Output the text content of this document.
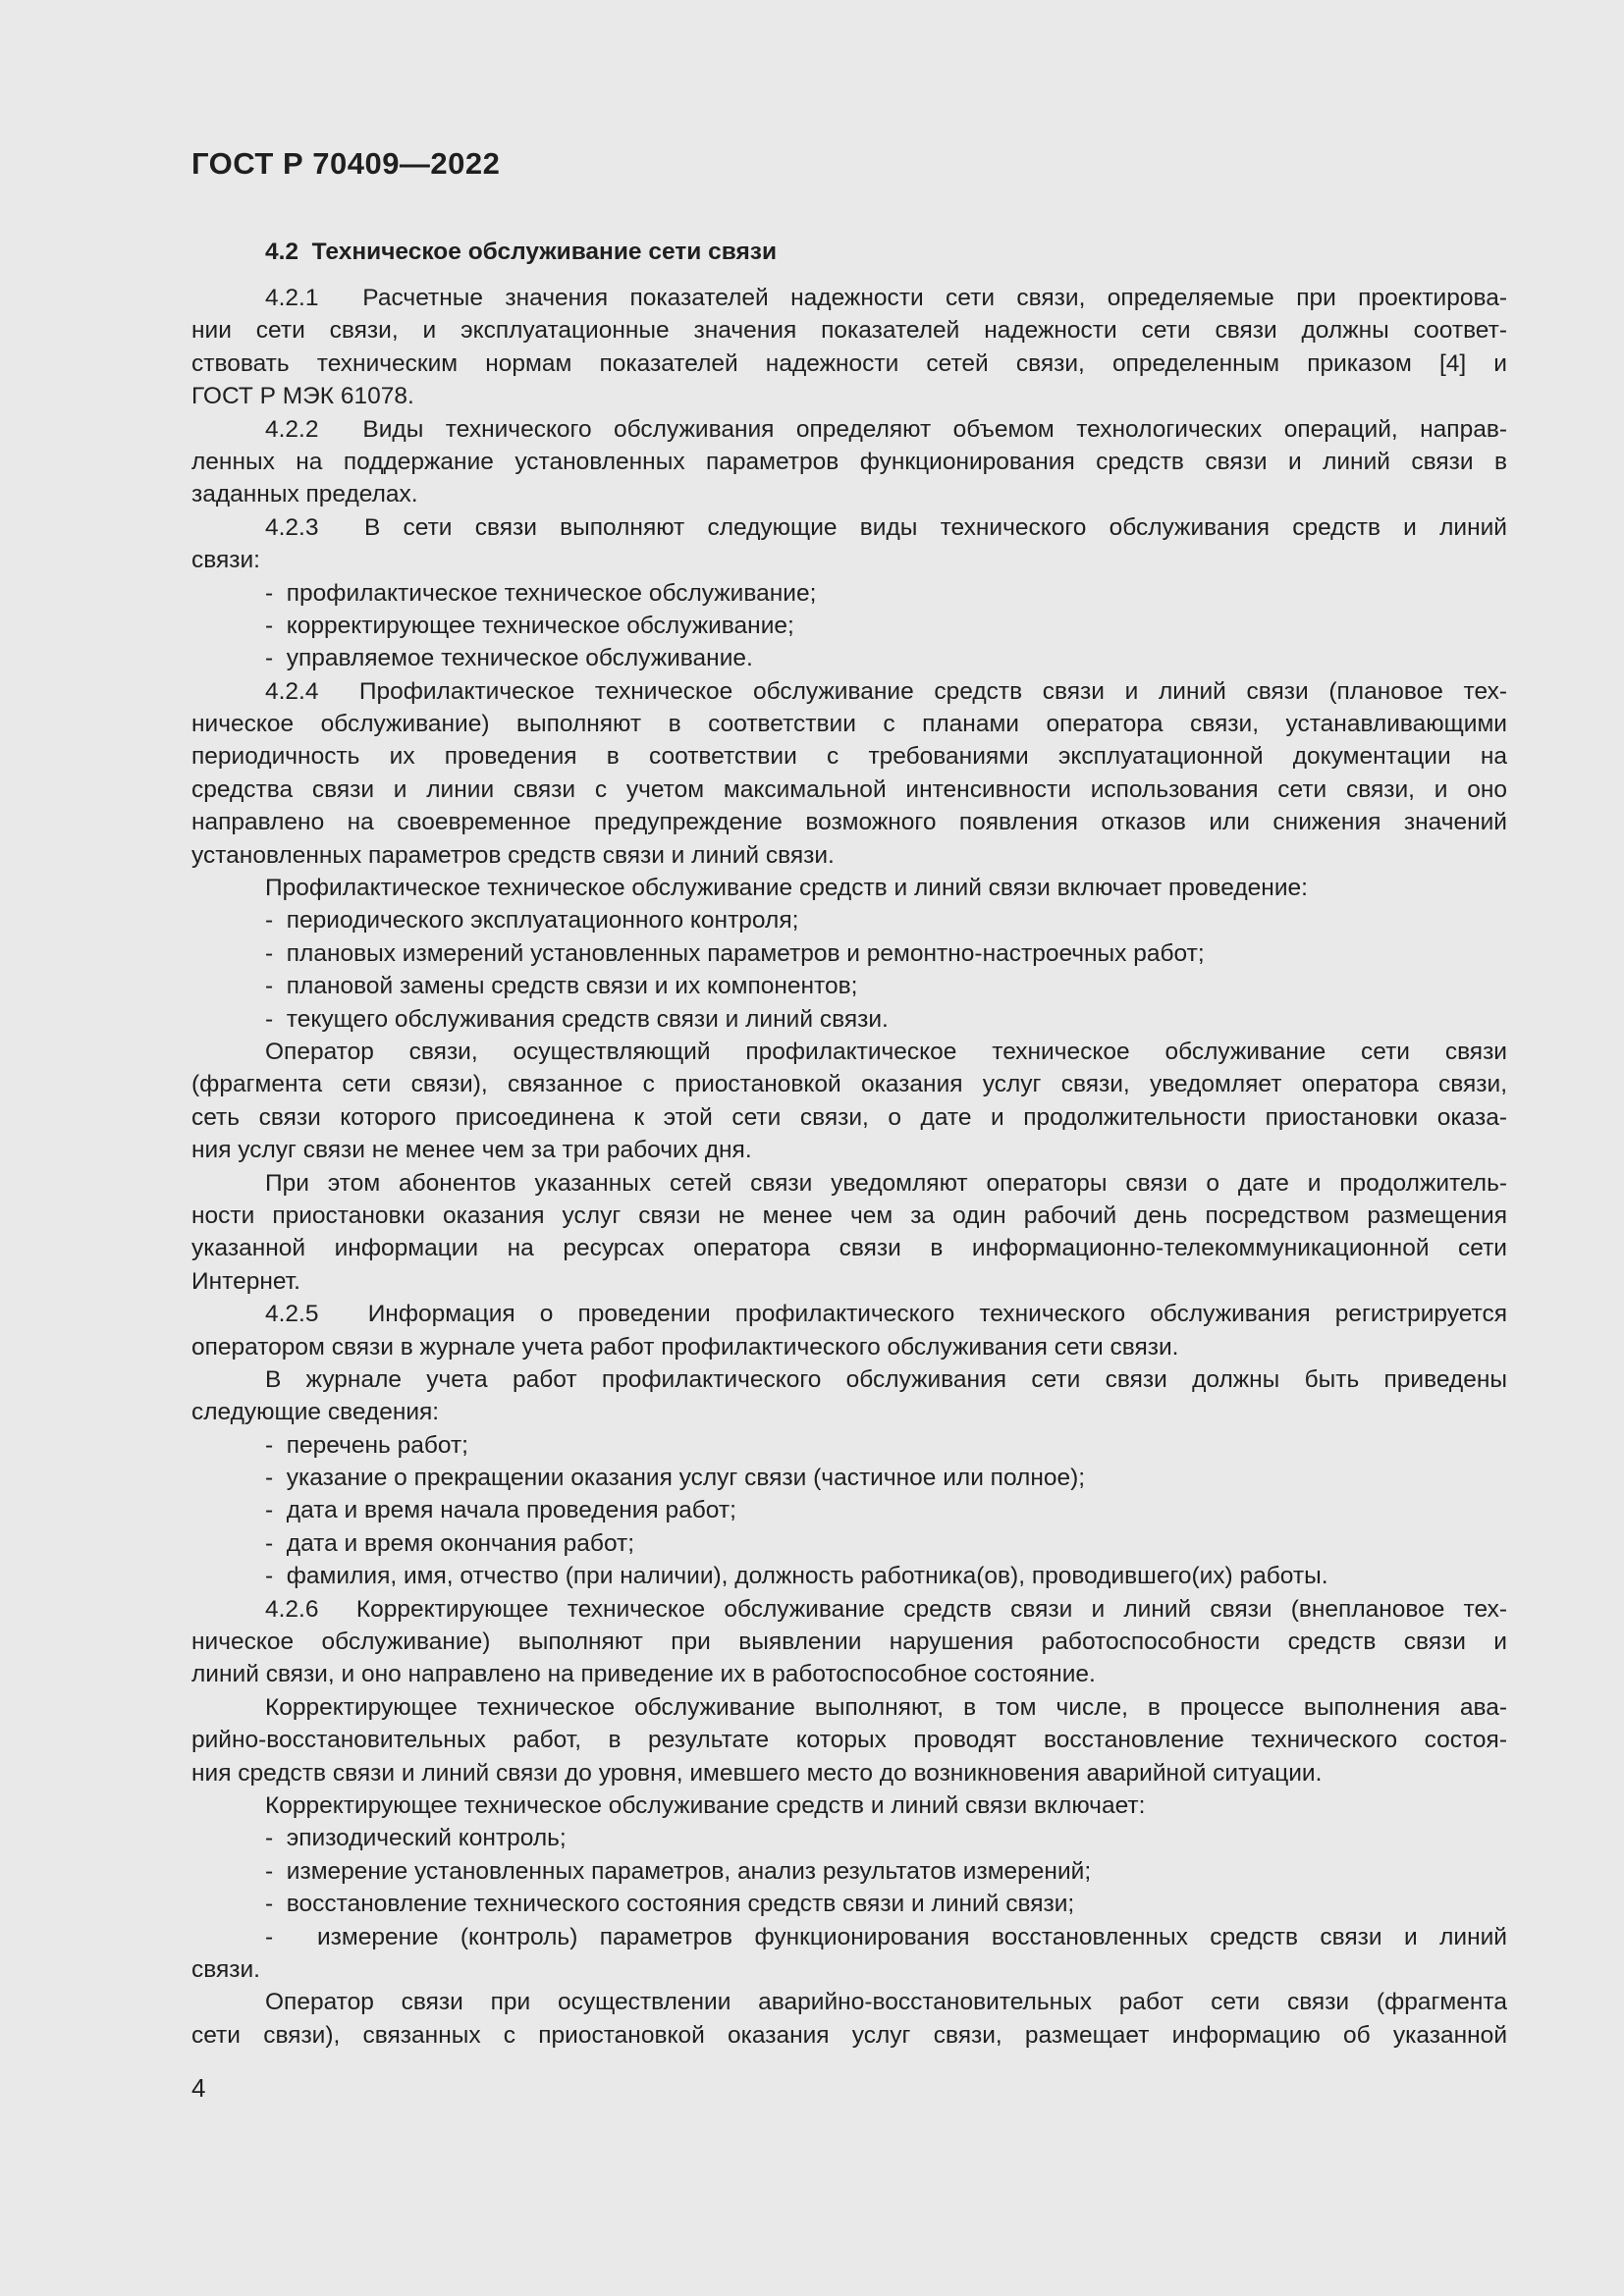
ГОСТ Р 70409—2022
4.2  Техническое обслуживание сети связи
4.2.1  Расчетные значения показателей надежности сети связи, определяемые при проектирова-
нии сети связи, и эксплуатационные значения показателей надежности сети связи должны соответ-
ствовать техническим нормам показателей надежности сетей связи, определенным приказом [4] и
ГОСТ Р МЭК 61078.
4.2.2  Виды технического обслуживания определяют объемом технологических операций, направ-
ленных на поддержание установленных параметров функционирования средств связи и линий связи в
заданных пределах.
4.2.3  В сети связи выполняют следующие виды технического обслуживания средств и линий
связи:
-  профилактическое техническое обслуживание;
-  корректирующее техническое обслуживание;
-  управляемое техническое обслуживание.
4.2.4  Профилактическое техническое обслуживание средств связи и линий связи (плановое тех-
ническое обслуживание) выполняют в соответствии с планами оператора связи, устанавливающими
периодичность их проведения в соответствии с требованиями эксплуатационной документации на
средства связи и линии связи с учетом максимальной интенсивности использования сети связи, и оно
направлено на своевременное предупреждение возможного появления отказов или снижения значений
установленных параметров средств связи и линий связи.
Профилактическое техническое обслуживание средств и линий связи включает проведение:
-  периодического эксплуатационного контроля;
-  плановых измерений установленных параметров и ремонтно-настроечных работ;
-  плановой замены средств связи и их компонентов;
-  текущего обслуживания средств связи и линий связи.
Оператор связи, осуществляющий профилактическое техническое обслуживание сети связи
(фрагмента сети связи), связанное с приостановкой оказания услуг связи, уведомляет оператора связи,
сеть связи которого присоединена к этой сети связи, о дате и продолжительности приостановки оказа-
ния услуг связи не менее чем за три рабочих дня.
При этом абонентов указанных сетей связи уведомляют операторы связи о дате и продолжитель-
ности приостановки оказания услуг связи не менее чем за один рабочий день посредством размещения
указанной информации на ресурсах оператора связи в информационно-телекоммуникационной сети
Интернет.
4.2.5  Информация о проведении профилактического технического обслуживания регистрируется
оператором связи в журнале учета работ профилактического обслуживания сети связи.
В журнале учета работ профилактического обслуживания сети связи должны быть приведены
следующие сведения:
-  перечень работ;
-  указание о прекращении оказания услуг связи (частичное или полное);
-  дата и время начала проведения работ;
-  дата и время окончания работ;
-  фамилия, имя, отчество (при наличии), должность работника(ов), проводившего(их) работы.
4.2.6  Корректирующее техническое обслуживание средств связи и линий связи (внеплановое тех-
ническое обслуживание) выполняют при выявлении нарушения работоспособности средств связи и
линий связи, и оно направлено на приведение их в работоспособное состояние.
Корректирующее техническое обслуживание выполняют, в том числе, в процессе выполнения ава-
рийно-восстановительных работ, в результате которых проводят восстановление технического состоя-
ния средств связи и линий связи до уровня, имевшего место до возникновения аварийной ситуации.
Корректирующее техническое обслуживание средств и линий связи включает:
-  эпизодический контроль;
-  измерение установленных параметров, анализ результатов измерений;
-  восстановление технического состояния средств связи и линий связи;
-  измерение (контроль) параметров функционирования восстановленных средств связи и линий
связи.
Оператор связи при осуществлении аварийно-восстановительных работ сети связи (фрагмента
сети связи), связанных с приостановкой оказания услуг связи, размещает информацию об указанной
4
